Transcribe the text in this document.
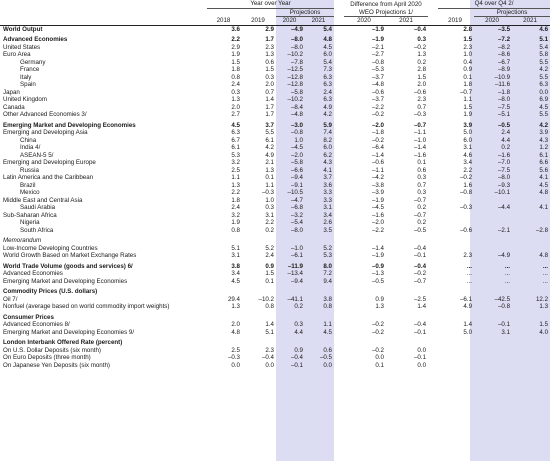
	Year over Year					Difference from April 2020			Q4 over Q4 2/		
			Projections			WEO Projections 1/				Projections	
	2018	2019	2020	2021		2020	2021		2019	2020	2021
World Output	3.6	2.9	–4.9	5.4		–1.9	–0.4		2.8	–3.5	4.6

Advanced Economies	2.2	1.7	–8.0	4.8		–1.9	0.3		1.5	–7.2	5.1
United States	2.9	2.3	–8.0	4.5		–2.1	–0.2		2.3	–8.2	5.4
Euro Area	1.9	1.3	–10.2	6.0		–2.7	1.3		1.0	–8.6	5.8
Germany	1.5	0.6	–7.8	5.4		–0.8	0.2		0.4	–6.7	5.5
France	1.8	1.5	–12.5	7.3		–5.3	2.8		0.9	–8.9	4.2
Italy	0.8	0.3	–12.8	6.3		–3.7	1.5		0.1	–10.9	5.5
Spain	2.4	2.0	–12.8	6.3		–4.8	2.0		1.8	–11.6	6.3
Japan	0.3	0.7	–5.8	2.4		–0.6	–0.6		–0.7	–1.8	0.0
United Kingdom	1.3	1.4	–10.2	6.3		–3.7	2.3		1.1	–8.0	6.9
Canada	2.0	1.7	–8.4	4.9		–2.2	0.7		1.5	–7.5	4.5
Other Advanced Economies 3/	2.7	1.7	–4.8	4.2		–0.2	–0.3		1.9	–5.1	5.5

Emerging Market and Developing Economies	4.5	3.7	–3.0	5.9		–2.0	–0.7		3.9	–0.5	4.2
Emerging and Developing Asia	6.3	5.5	–0.8	7.4		–1.8	–1.1		5.0	2.4	3.9
China	6.7	6.1	1.0	8.2		–0.2	–1.0		6.0	4.4	4.3
India 4/	6.1	4.2	–4.5	6.0		–6.4	–1.4		3.1	0.2	1.2
ASEAN-5 5/	5.3	4.9	–2.0	6.2		–1.4	–1.6		4.6	–1.6	6.1
Emerging and Developing Europe	3.2	2.1	–5.8	4.3		–0.6	0.1		3.4	–7.0	6.6
Russia	2.5	1.3	–6.6	4.1		–1.1	0.6		2.2	–7.5	5.6
Latin America and the Caribbean	1.1	0.1	–9.4	3.7		–4.2	0.3		–0.2	–8.0	4.1
Brazil	1.3	1.1	–9.1	3.6		–3.8	0.7		1.6	–9.3	4.5
Mexico	2.2	–0.3	–10.5	3.3		–3.9	0.3		–0.8	–10.1	4.8
Middle East and Central Asia	1.8	1.0	–4.7	3.3		–1.9	–0.7				
Saudi Arabia	2.4	0.3	–6.8	3.1		–4.5	0.2		–0.3	–4.4	4.1
Sub-Saharan Africa	3.2	3.1	–3.2	3.4		–1.6	–0.7				
Nigeria	1.9	2.2	–5.4	2.6		–2.0	0.2				
South Africa	0.8	0.2	–8.0	3.5		–2.2	–0.5		–0.6	–2.1	–2.8

Memorandum											
Low-Income Developing Countries	5.1	5.2	–1.0	5.2		–1.4	–0.4				
World Growth Based on Market Exchange Rates	3.1	2.4	–6.1	5.3		–1.9	–0.1		2.3	–4.9	4.8

World Trade Volume (goods and services) 6/	3.8	0.9	–11.9	8.0		–0.9	–0.4		...	...	...
Advanced Economies	3.4	1.5	–13.4	7.2		–1.3	–0.2		...	...	...
Emerging Market and Developing Economies	4.5	0.1	–9.4	9.4		–0.5	–0.7		...	...	...

Commodity Prices (U.S. dollars)											
Oil 7/	29.4	–10.2	–41.1	3.8		0.9	–2.5		–6.1	–42.5	12.2
Nonfuel (average based on world commodity import weights)	1.3	0.8	0.2	0.8		1.3	1.4		4.9	–0.8	1.3

Consumer Prices											
Advanced Economies 8/	2.0	1.4	0.3	1.1		–0.2	–0.4		1.4	–0.1	1.5
Emerging Market and Developing Economies 9/	4.8	5.1	4.4	4.5		–0.2	–0.1		5.0	3.1	4.0

London Interbank Offered Rate (percent)											
On U.S. Dollar Deposits (six month)	2.5	2.3	0.9	0.6		–0.2	0.0				
On Euro Deposits (three month)	–0.3	–0.4	–0.4	–0.5		0.0	–0.1				
On Japanese Yen Deposits (six month)	0.0	0.0	–0.1	0.0		0.1	0.0				
